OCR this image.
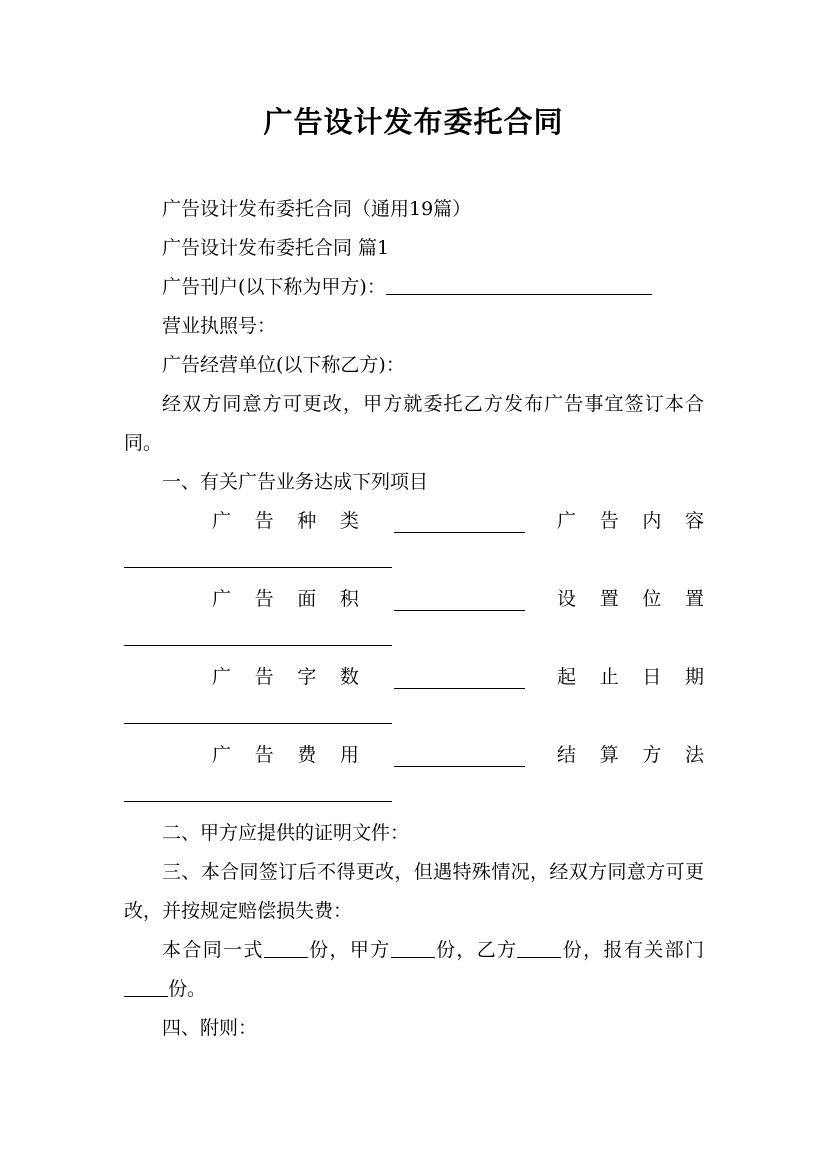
广告设计发布委托合同

广告设计发布委托合同（通用19篇）

广告设计发布委托合同 篇1

广告刊户(以下称为甲方)：

营业执照号：

广告经营单位(以下称乙方)：

经双方同意方可更改，甲方就委托乙方发布广告事宜签订本合同。

一、有关广告业务达成下列项目

广 告 种 类	广 告 内 容
广 告 面 积	设 置 位 置
广 告 字 数	起 止 日 期
广 告 费 用	结 算 方 法

二、甲方应提供的证明文件：

三、本合同签订后不得更改，但遇特殊情况，经双方同意方可更改，并按规定赔偿损失费：

本合同一式 份，甲方 份，乙方 份，报有关部门份。

四、附则：
